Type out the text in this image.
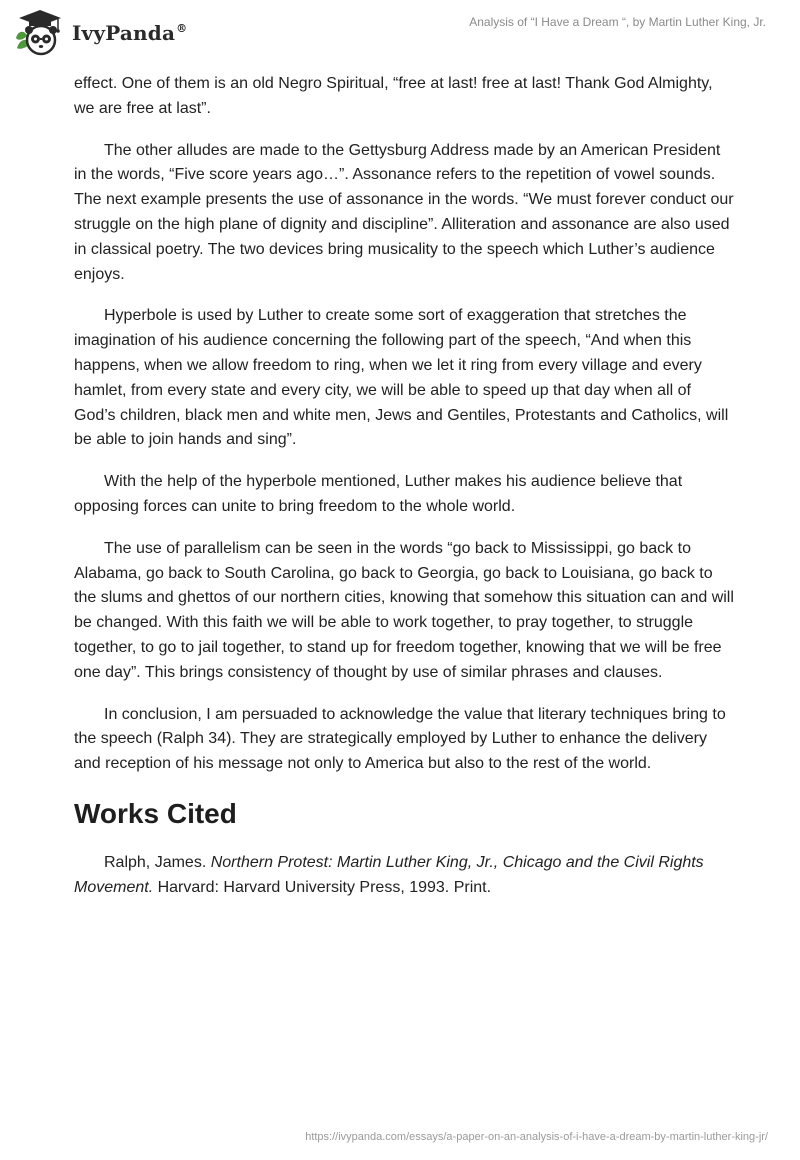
IvyPanda®	Analysis of “I Have a Dream “, by Martin Luther King, Jr.

effect. One of them is an old Negro Spiritual, “free at last! free at last! Thank God Almighty, we are free at last”.

The other alludes are made to the Gettysburg Address made by an American President in the words, “Five score years ago…”. Assonance refers to the repetition of vowel sounds. The next example presents the use of assonance in the words. “We must forever conduct our struggle on the high plane of dignity and discipline”. Alliteration and assonance are also used in classical poetry. The two devices bring musicality to the speech which Luther’s audience enjoys.

Hyperbole is used by Luther to create some sort of exaggeration that stretches the imagination of his audience concerning the following part of the speech, “And when this happens, when we allow freedom to ring, when we let it ring from every village and every hamlet, from every state and every city, we will be able to speed up that day when all of God’s children, black men and white men, Jews and Gentiles, Protestants and Catholics, will be able to join hands and sing”.

With the help of the hyperbole mentioned, Luther makes his audience believe that opposing forces can unite to bring freedom to the whole world.

The use of parallelism can be seen in the words “go back to Mississippi, go back to Alabama, go back to South Carolina, go back to Georgia, go back to Louisiana, go back to the slums and ghettos of our northern cities, knowing that somehow this situation can and will be changed. With this faith we will be able to work together, to pray together, to struggle together, to go to jail together, to stand up for freedom together, knowing that we will be free one day”. This brings consistency of thought by use of similar phrases and clauses.

In conclusion, I am persuaded to acknowledge the value that literary techniques bring to the speech (Ralph 34). They are strategically employed by Luther to enhance the delivery and reception of his message not only to America but also to the rest of the world.

Works Cited
Ralph, James. Northern Protest: Martin Luther King, Jr., Chicago and the Civil Rights Movement. Harvard: Harvard University Press, 1993. Print.
https://ivypanda.com/essays/a-paper-on-an-analysis-of-i-have-a-dream-by-martin-luther-king-jr/
